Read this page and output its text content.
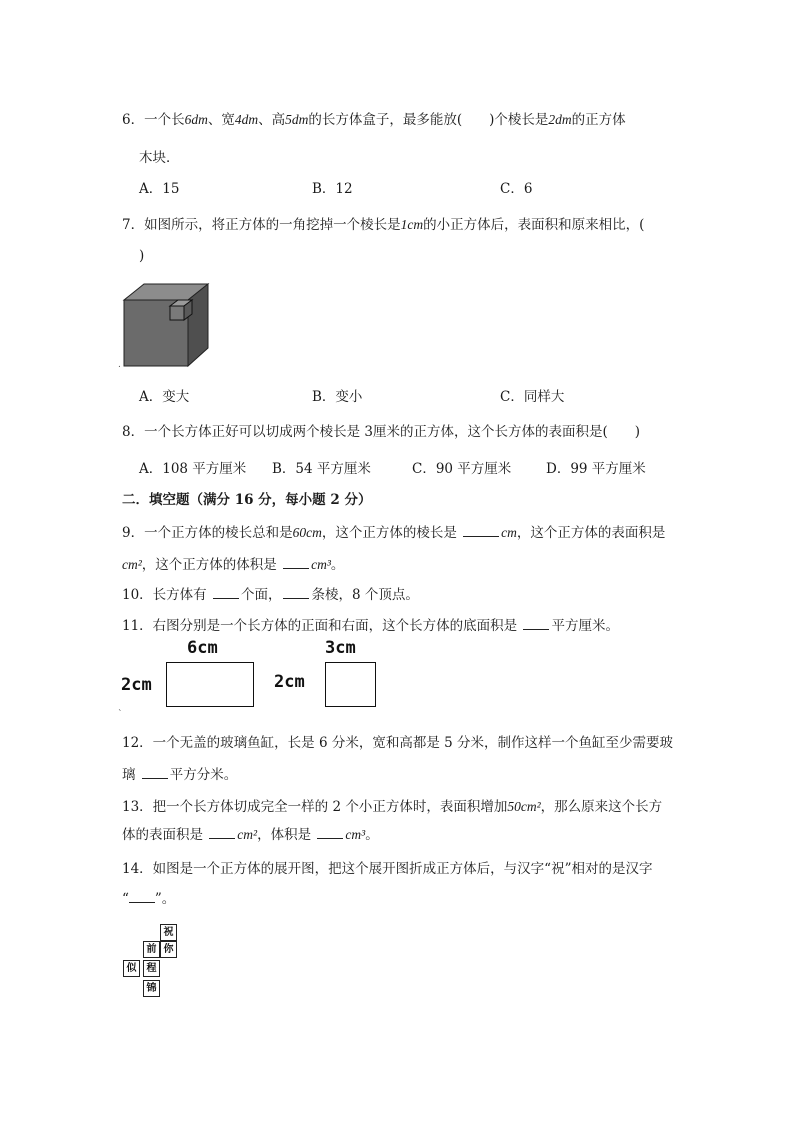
6．一个长6dm、宽4dm、高5dm的长方体盒子，最多能放(　　)个棱长是2dm的正方体
木块．
A．15	B．12	C．6
7．如图所示，将正方体的一角挖掉一个棱长是1cm的小正方体后，表面积和原来相比，(
)
.
A．变大	B．变小	C．同样大
8．一个长方体正好可以切成两个棱长是 3厘米的正方体，这个长方体的表面积是(　　)
A．108 平方厘米 B．54 平方厘米	C．90 平方厘米	D．99 平方厘米
二．填空题（满分 16 分，每小题 2 分）
9．一个正方体的棱长总和是60cm，这个正方体的棱长是	cm，这个正方体的表面积是
cm²，这个正方体的体积是	cm³。
10．长方体有	个面， 条棱，8 个顶点。
11．右图分别是一个长方体的正面和右面，这个长方体的底面积是	平方厘米。
6cm
2cm
3cm
2cm
`
12．一个无盖的玻璃鱼缸，长是 6 分米，宽和高都是 5 分米，制作这样一个鱼缸至少需要玻
璃	平方分米。
13．把一个长方体切成完全一样的 2 个小正方体时，表面积增加50cm²，那么原来这个长方
体的表面积是	cm²，体积是	cm³。
14．如图是一个正方体的展开图，把这个展开图折成正方体后，与汉字“祝”相对的是汉字
“ ”。
祝
前 你
似	程
锦
